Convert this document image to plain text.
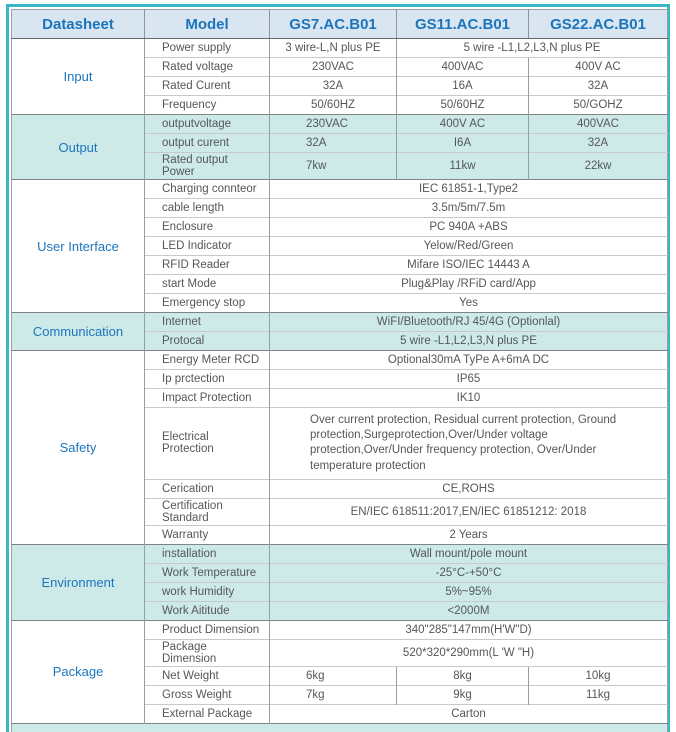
Datasheet	Model	GS7.AC.B01	GS11.AC.B01	GS22.AC.B01
Input	Power supply	3 wire-L,N plus PE	5 wire -L1,L2,L3,N plus PE	
	Rated voltage	230VAC	400VAC	400V AC
	Rated Curent	32A	16A	32A
	Frequency	50/60HZ	50/60HZ	50/GOHZ
Output	outputvoltage	230VAC	400V AC	400VAC
	output curent	32A	I6A	32A
	Rated output Power	7kw	11kw	22kw
User Interface	Charging connteor	IEC 61851-1,Type2		
	cable length	3.5m/5m/7.5m		
	Enclosure	PC 940A +ABS		
	LED Indicator	Yelow/Red/Green		
	RFID Reader	Mifare ISO/IEC 14443 A		
	start Mode	Plug&Play /RFiD card/App		
	Emergency stop	Yes		
Communication	Internet	WiFI/Bluetooth/RJ 45/4G (Optionlal)		
	Protocal	5 wire -L1,L2,L3,N plus PE		
Safety	Energy Meter RCD	Optional30mA TyPe A+6mA DC		
	Ip prctection	IP65		
	Impact Protection	IK10		
	Electrical Protection	Over current protection, Residual current protection, Ground protection,Surgeprotection,Over/Under voltage protection,Over/Under frequency protection, Over/Under temperature protection		
	Cerication	CE,ROHS		
	Certification Standard	EN/IEC 618511:2017,EN/IEC 61851212: 2018		
	Warranty	2 Years		
Environment	installation	Wall mount/pole mount		
	Work Temperature	-25°C-+50°C		
	work Humidity	5%~95%		
	Work Aititude	<2000M		
Package	Product Dimension	340"285"147mm(H'W"D)		
	Package Dimension	520*320*290mm(L 'W "H)		
	Net Weight	6kg	8kg	10kg
	Gross Weight	7kg	9kg	11kg
	External Package	Carton		
